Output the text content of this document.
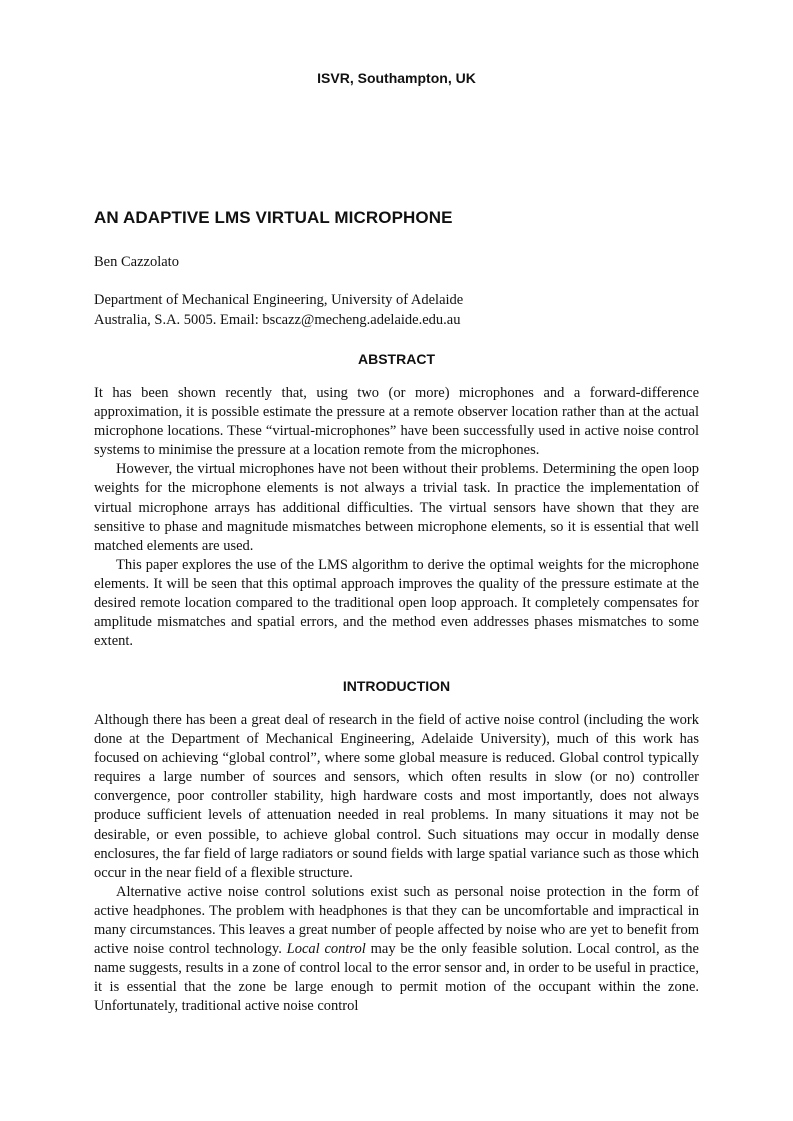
ISVR, Southampton, UK
AN ADAPTIVE LMS VIRTUAL MICROPHONE
Ben Cazzolato
Department of Mechanical Engineering, University of Adelaide
Australia, S.A. 5005. Email: bscazz@mecheng.adelaide.edu.au
ABSTRACT

It has been shown recently that, using two (or more) microphones and a forward-difference approximation, it is possible estimate the pressure at a remote observer location rather than at the actual microphone locations. These “virtual-microphones” have been successfully used in active noise control systems to minimise the pressure at a location remote from the microphones.

However, the virtual microphones have not been without their problems. Determining the open loop weights for the microphone elements is not always a trivial task. In practice the implementation of virtual microphone arrays has additional difficulties. The virtual sensors have shown that they are sensitive to phase and magnitude mismatches between microphone elements, so it is essential that well matched elements are used.

This paper explores the use of the LMS algorithm to derive the optimal weights for the microphone elements. It will be seen that this optimal approach improves the quality of the pressure estimate at the desired remote location compared to the traditional open loop approach. It completely compensates for amplitude mismatches and spatial errors, and the method even addresses phases mismatches to some extent.

INTRODUCTION

Although there has been a great deal of research in the field of active noise control (including the work done at the Department of Mechanical Engineering, Adelaide University), much of this work has focused on achieving “global control”, where some global measure is reduced. Global control typically requires a large number of sources and sensors, which often results in slow (or no) controller convergence, poor controller stability, high hardware costs and most importantly, does not always produce sufficient levels of attenuation needed in real problems. In many situations it may not be desirable, or even possible, to achieve global control. Such situations may occur in modally dense enclosures, the far field of large radiators or sound fields with large spatial variance such as those which occur in the near field of a flexible structure.

Alternative active noise control solutions exist such as personal noise protection in the form of active headphones. The problem with headphones is that they can be uncomfortable and impractical in many circumstances. This leaves a great number of people affected by noise who are yet to benefit from active noise control technology. Local control may be the only feasible solution. Local control, as the name suggests, results in a zone of control local to the error sensor and, in order to be useful in practice, it is essential that the zone be large enough to permit motion of the occupant within the zone. Unfortunately, traditional active noise control
